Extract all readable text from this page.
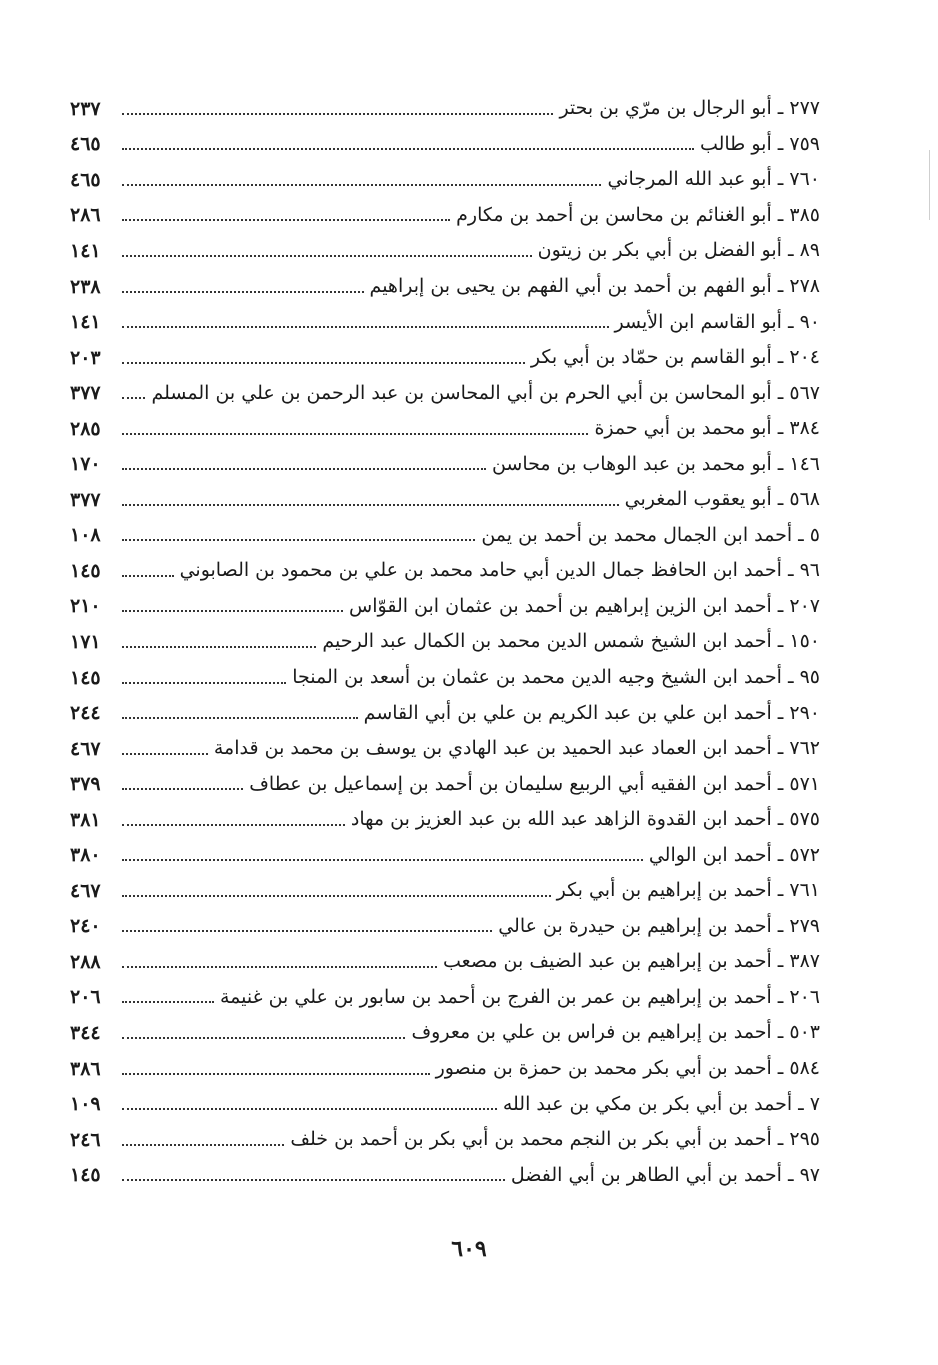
٢٣٧	٢٧٧ ـ أبو الرجال بن مرّي بن بحتر
٤٦٥	٧٥٩ ـ أبو طالب
٤٦٥	٧٦٠ ـ أبو عبد الله المرجاني
٢٨٦	٣٨٥ ـ أبو الغنائم بن محاسن بن أحمد بن مكارم
١٤١	٨٩ ـ أبو الفضل بن أبي بكر بن زيتون
٢٣٨	٢٧٨ ـ أبو الفهم بن أحمد بن أبي الفهم بن يحيى بن إبراهيم
١٤١	٩٠ ـ أبو القاسم ابن الأيسر
٢٠٣	٢٠٤ ـ أبو القاسم بن حمّاد بن أبي بكر
٣٧٧	٥٦٧ ـ أبو المحاسن بن أبي الحرم بن أبي المحاسن بن عبد الرحمن بن علي بن المسلم
٢٨٥	٣٨٤ ـ أبو محمد بن أبي حمزة
١٧٠	١٤٦ ـ أبو محمد بن عبد الوهاب بن محاسن
٣٧٧	٥٦٨ ـ أبو يعقوب المغربي
١٠٨	٥ ـ أحمد ابن الجمال محمد بن أحمد بن يمن
١٤٥	٩٦ ـ أحمد ابن الحافظ جمال الدين أبي حامد محمد بن علي بن محمود بن الصابوني
٢١٠	٢٠٧ ـ أحمد ابن الزين إبراهيم بن أحمد بن عثمان ابن القوّاس
١٧١	١٥٠ ـ أحمد ابن الشيخ شمس الدين محمد بن الكمال عبد الرحيم
١٤٥	٩٥ ـ أحمد ابن الشيخ وجيه الدين محمد بن عثمان بن أسعد بن المنجا
٢٤٤	٢٩٠ ـ أحمد ابن علي بن عبد الكريم بن علي بن أبي القاسم
٤٦٧	٧٦٢ ـ أحمد ابن العماد عبد الحميد بن عبد الهادي بن يوسف بن محمد بن قدامة
٣٧٩	٥٧١ ـ أحمد ابن الفقيه أبي الربيع سليمان بن أحمد بن إسماعيل بن عطاف
٣٨١	٥٧٥ ـ أحمد ابن القدوة الزاهد عبد الله بن عبد العزيز بن مهاد
٣٨٠	٥٧٢ ـ أحمد ابن الوالي
٤٦٧	٧٦١ ـ أحمد بن إبراهيم بن أبي بكر
٢٤٠	٢٧٩ ـ أحمد بن إبراهيم بن حيدرة بن عالي
٢٨٨	٣٨٧ ـ أحمد بن إبراهيم بن عبد الضيف بن مصعب
٢٠٦	٢٠٦ ـ أحمد بن إبراهيم بن عمر بن الفرج بن أحمد بن سابور بن علي بن غنيمة
٣٤٤	٥٠٣ ـ أحمد بن إبراهيم بن فراس بن علي بن معروف
٣٨٦	٥٨٤ ـ أحمد بن أبي بكر محمد بن حمزة بن منصور
١٠٩	٧ ـ أحمد بن أبي بكر بن مكي بن عبد الله
٢٤٦	٢٩٥ ـ أحمد بن أبي بكر بن النجم محمد بن أبي بكر بن أحمد بن خلف
١٤٥	٩٧ ـ أحمد بن أبي الطاهر بن أبي الفضل
٦٠٩
